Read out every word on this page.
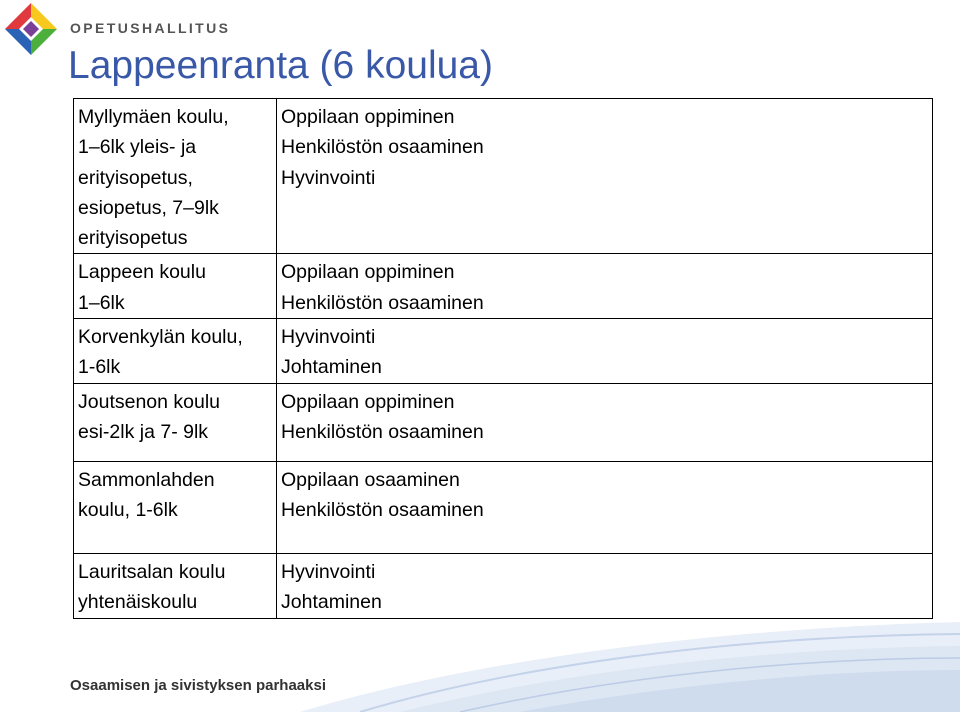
OPETUSHALLITUS
Lappeenranta (6 koulua)
Myllymäen koulu,
1–6lk yleis- ja
erityisopetus,
esiopetus, 7–9lk
erityisopetus	Oppilaan oppiminen
Henkilöstön osaaminen
Hyvinvointi

Lappeen koulu
1–6lk	Oppilaan oppiminen
Henkilöstön osaaminen

Korvenkylän koulu,
1-6lk	Hyvinvointi
Johtaminen

Joutsenon koulu
esi-2lk ja 7- 9lk	Oppilaan oppiminen
Henkilöstön osaaminen

Sammonlahden
koulu, 1-6lk	Oppilaan osaaminen
Henkilöstön osaaminen

Lauritsalan koulu
yhtenäiskoulu	Hyvinvointi
Johtaminen
Osaamisen ja sivistyksen parhaaksi
